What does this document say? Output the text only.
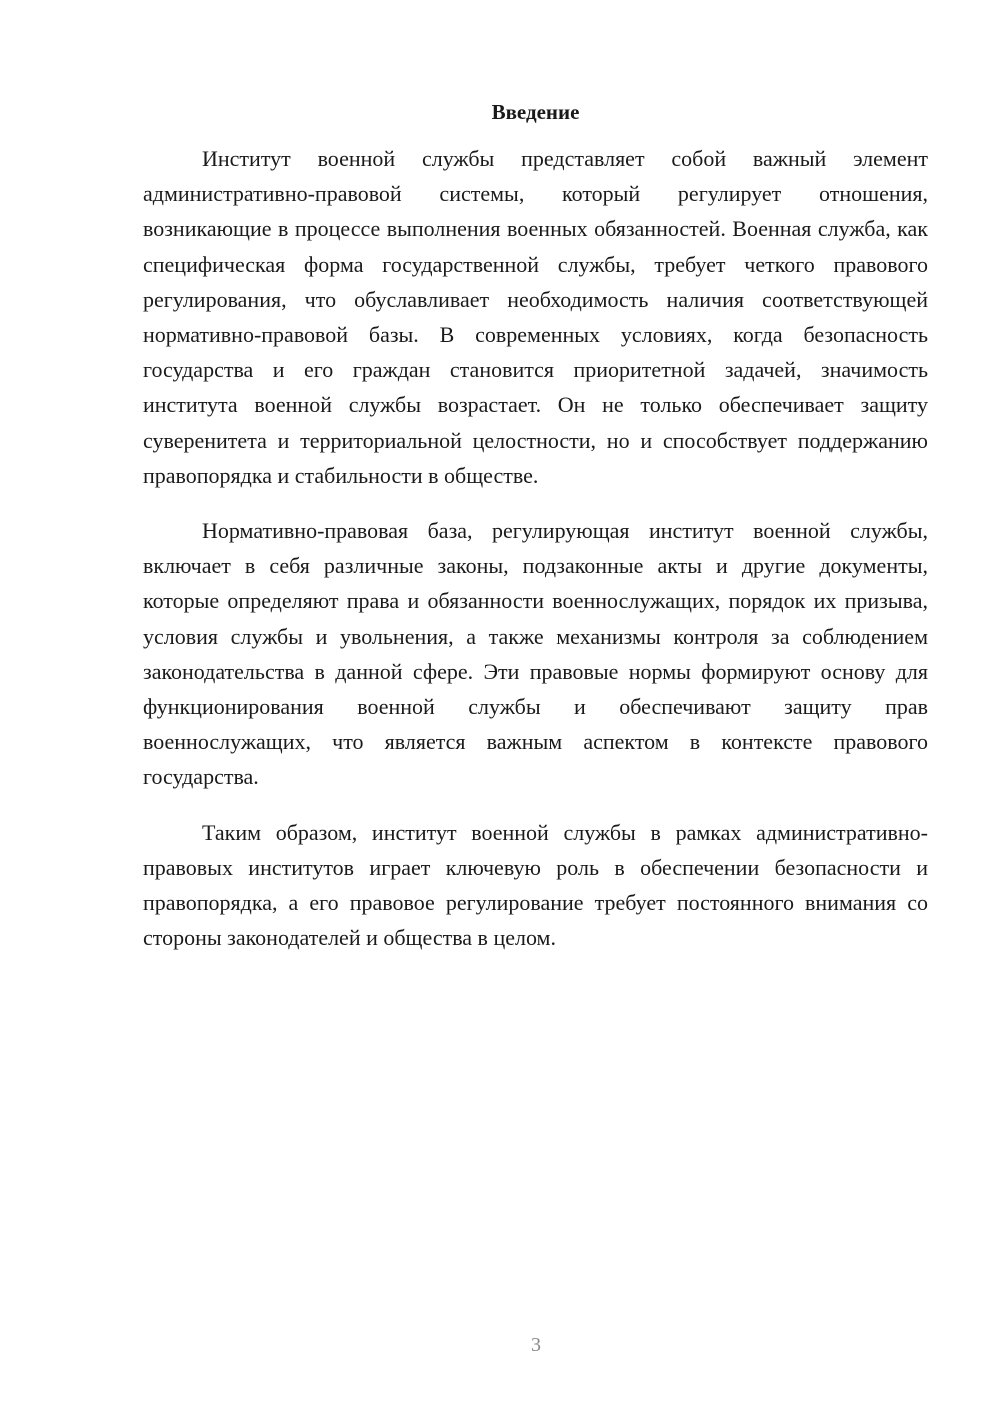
Введение

Институт военной службы представляет собой важный элемент административно-правовой системы, который регулирует отношения, возникающие в процессе выполнения военных обязанностей. Военная служба, как специфическая форма государственной службы, требует четкого правового регулирования, что обуславливает необходимость наличия соответствующей нормативно-правовой базы. В современных условиях, когда безопасность государства и его граждан становится приоритетной задачей, значимость института военной службы возрастает. Он не только обеспечивает защиту суверенитета и территориальной целостности, но и способствует поддержанию правопорядка и стабильности в обществе.

Нормативно-правовая база, регулирующая институт военной службы, включает в себя различные законы, подзаконные акты и другие документы, которые определяют права и обязанности военнослужащих, порядок их призыва, условия службы и увольнения, а также механизмы контроля за соблюдением законодательства в данной сфере. Эти правовые нормы формируют основу для функционирования военной службы и обеспечивают защиту прав военнослужащих, что является важным аспектом в контексте правового государства.

Таким образом, институт военной службы в рамках административно-правовых институтов играет ключевую роль в обеспечении безопасности и правопорядка, а его правовое регулирование требует постоянного внимания со стороны законодателей и общества в целом.

3
